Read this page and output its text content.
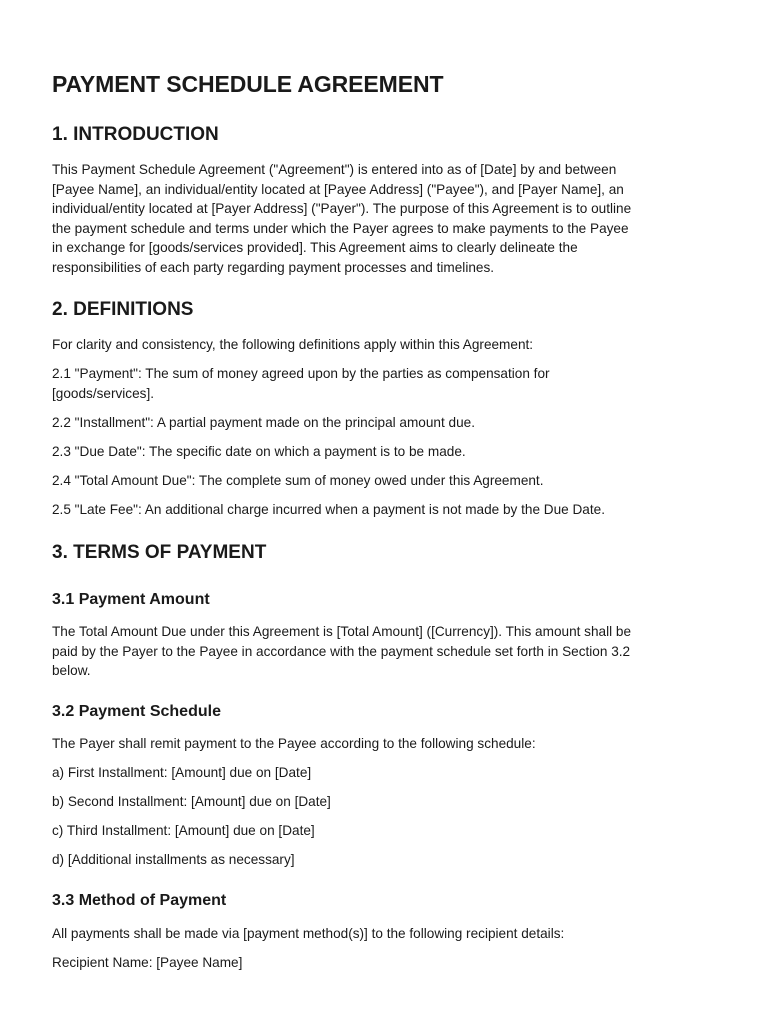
PAYMENT SCHEDULE AGREEMENT
1. INTRODUCTION

This Payment Schedule Agreement ("Agreement") is entered into as of [Date] by and between

[Payee Name], an individual/entity located at [Payee Address] ("Payee"), and [Payer Name], an

individual/entity located at [Payer Address] ("Payer"). The purpose of this Agreement is to outline

the payment schedule and terms under which the Payer agrees to make payments to the Payee

in exchange for [goods/services provided]. This Agreement aims to clearly delineate the

responsibilities of each party regarding payment processes and timelines.

2. DEFINITIONS

For clarity and consistency, the following definitions apply within this Agreement:

2.1 "Payment": The sum of money agreed upon by the parties as compensation for

[goods/services].

2.2 "Installment": A partial payment made on the principal amount due.

2.3 "Due Date": The specific date on which a payment is to be made.

2.4 "Total Amount Due": The complete sum of money owed under this Agreement.

2.5 "Late Fee": An additional charge incurred when a payment is not made by the Due Date.

3. TERMS OF PAYMENT
3.1 Payment Amount

The Total Amount Due under this Agreement is [Total Amount] ([Currency]). This amount shall be

paid by the Payer to the Payee in accordance with the payment schedule set forth in Section 3.2

below.

3.2 Payment Schedule

The Payer shall remit payment to the Payee according to the following schedule:

a) First Installment: [Amount] due on [Date]

b) Second Installment: [Amount] due on [Date]

c) Third Installment: [Amount] due on [Date]

d) [Additional installments as necessary]

3.3 Method of Payment

All payments shall be made via [payment method(s)] to the following recipient details:

Recipient Name: [Payee Name]
